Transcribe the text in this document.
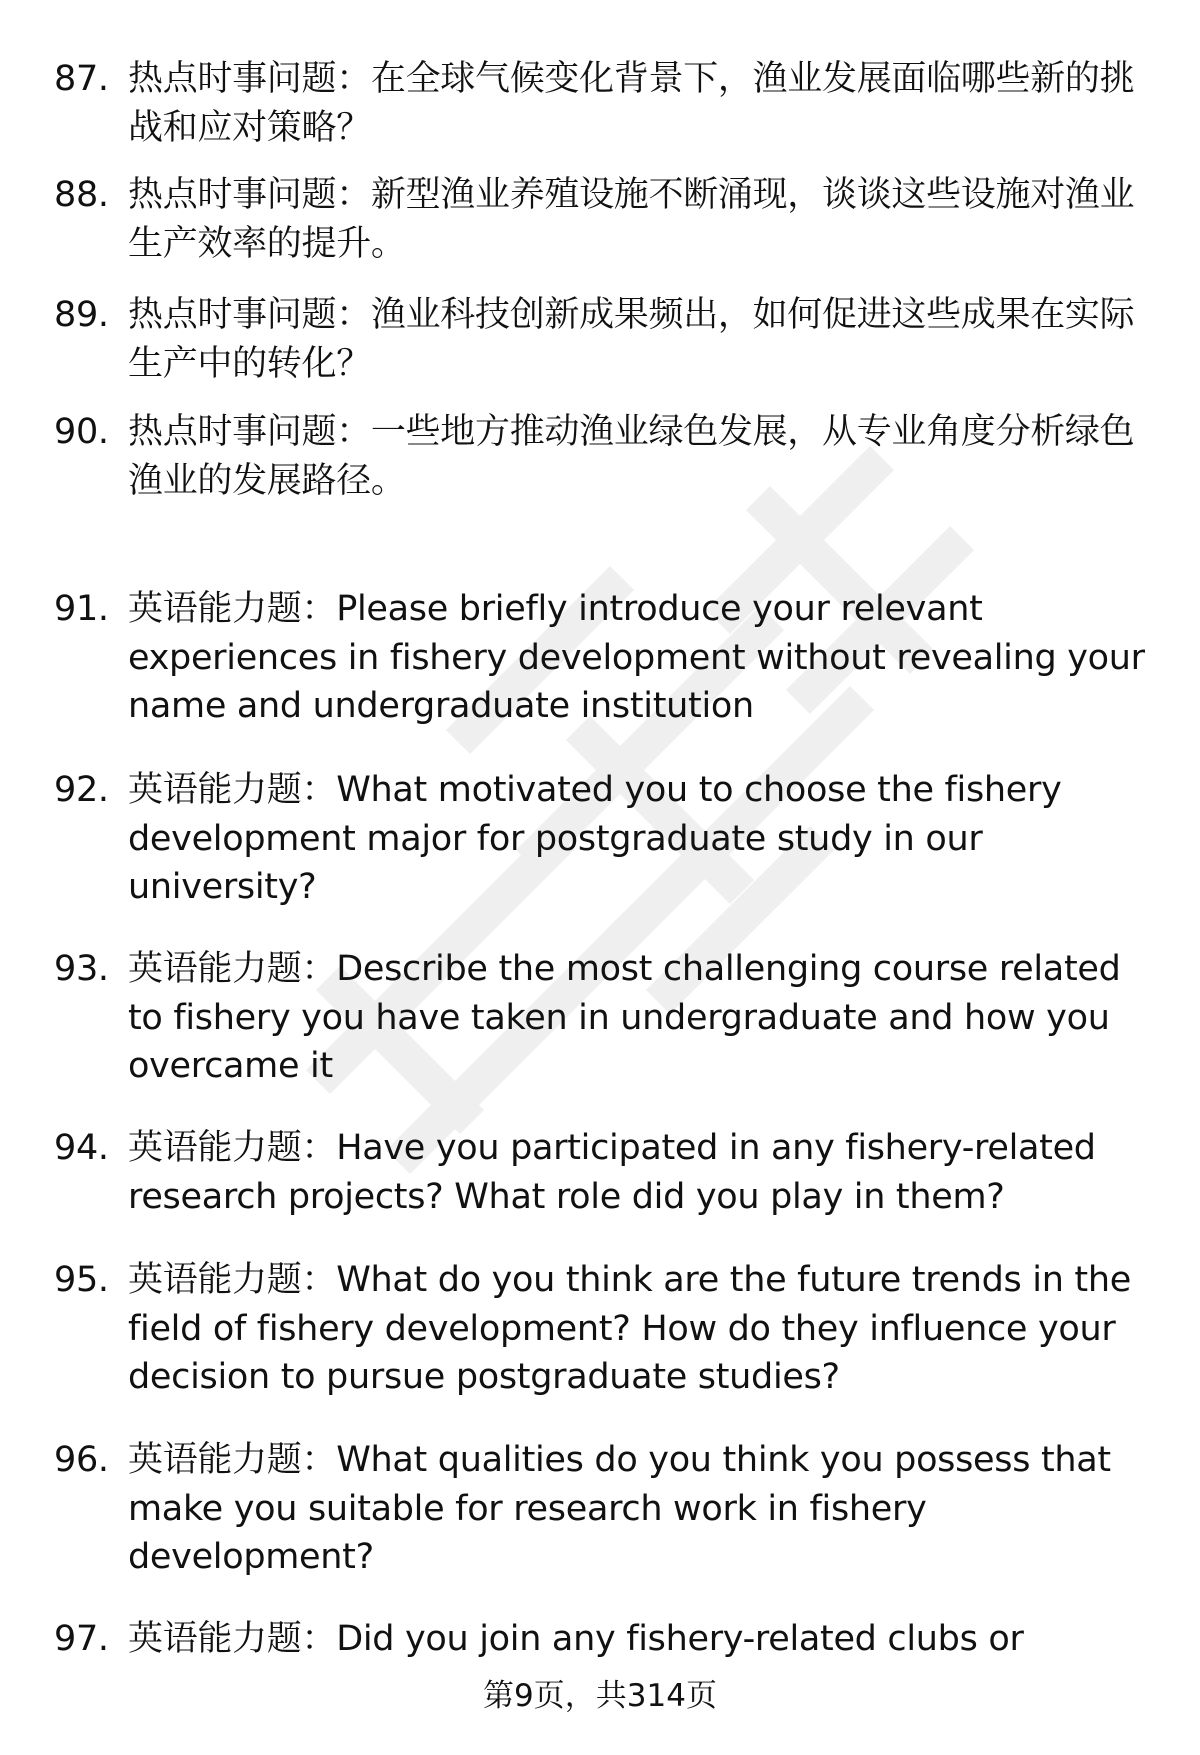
87. 热点时事问题：在全球气候变化背景下，渔业发展面临哪些新的挑战和应对策略？
88. 热点时事问题：新型渔业养殖设施不断涌现，谈谈这些设施对渔业生产效率的提升。
89. 热点时事问题：渔业科技创新成果频出，如何促进这些成果在实际生产中的转化？
90. 热点时事问题：一些地方推动渔业绿色发展，从专业角度分析绿色渔业的发展路径。
91. 英语能力题：Please briefly introduce your relevant experiences in fishery development without revealing your name and undergraduate institution
92. 英语能力题：What motivated you to choose the fishery development major for postgraduate study in our university?
93. 英语能力题：Describe the most challenging course related to fishery you have taken in undergraduate and how you overcame it
94. 英语能力题：Have you participated in any fishery-related research projects? What role did you play in them?
95. 英语能力题：What do you think are the future trends in the field of fishery development? How do they influence your decision to pursue postgraduate studies?
96. 英语能力题：What qualities do you think you possess that make you suitable for research work in fishery development?
97. 英语能力题：Did you join any fishery-related clubs or
第9页，共314页
